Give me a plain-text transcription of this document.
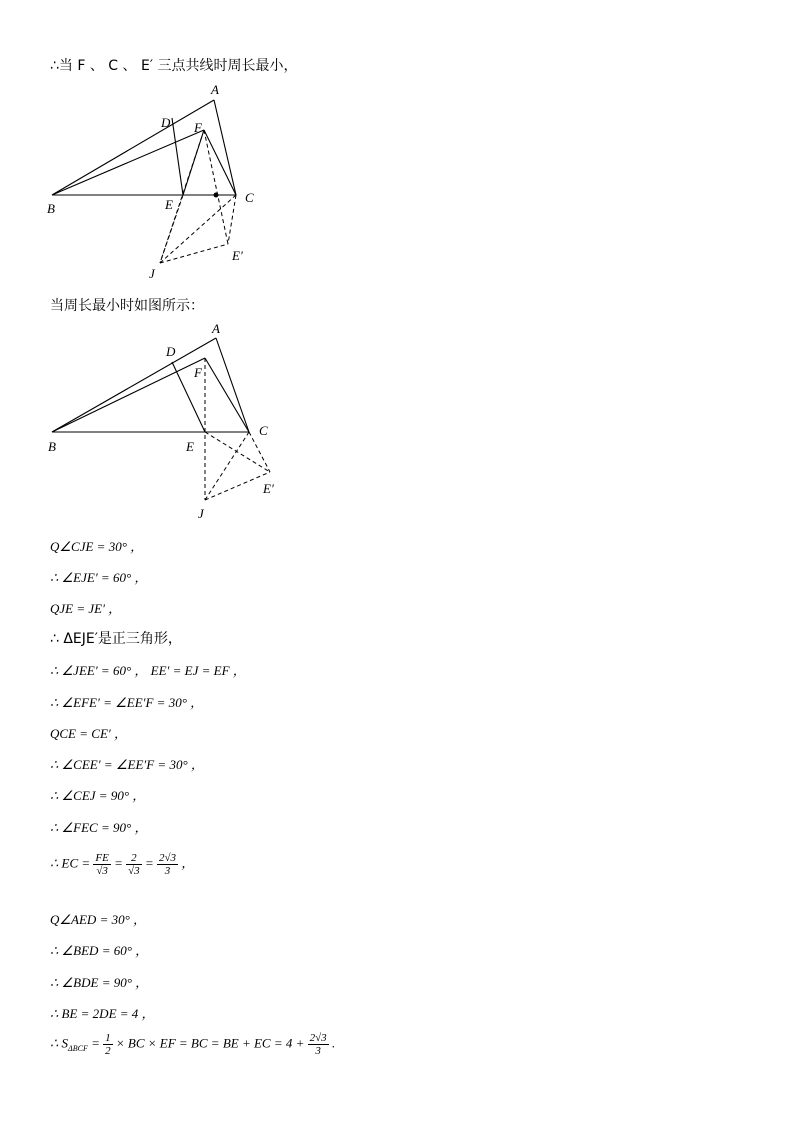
∴当 F 、 C 、 E′ 三点共线时周长最小，
当周长最小时如图所示：
Q∠CJE = 30° ，
∴ ∠EJE′ = 60° ，
QJE = JE′ ，
∴ ΔEJE′是正三角形，
∴ ∠JEE′ = 60° ， EE′ = EJ = EF ，
∴ ∠EFE′ = ∠EE′F = 30° ，
QCE = CE′ ，
∴ ∠CEE′ = ∠EE′F = 30° ，
∴ ∠CEJ = 90° ，
∴ ∠FEC = 90° ，
∴ EC = $\frac{FE}{√3} = \frac{2}{√3} = \frac{2√3}{3}$ ，
Q∠AED = 30° ，
∴ ∠BED = 60° ，
∴ ∠BDE = 90° ，
∴ BE = 2DE = 4 ，
∴ $S_{\Delta BCF} = \frac{1}{2}$ × BC × EF = BC = BE + EC = $4 + \frac{2√3}{3}$ .
A
B
C
D
E
F
E′
J
A
B
C
D
E
F
E′
J
